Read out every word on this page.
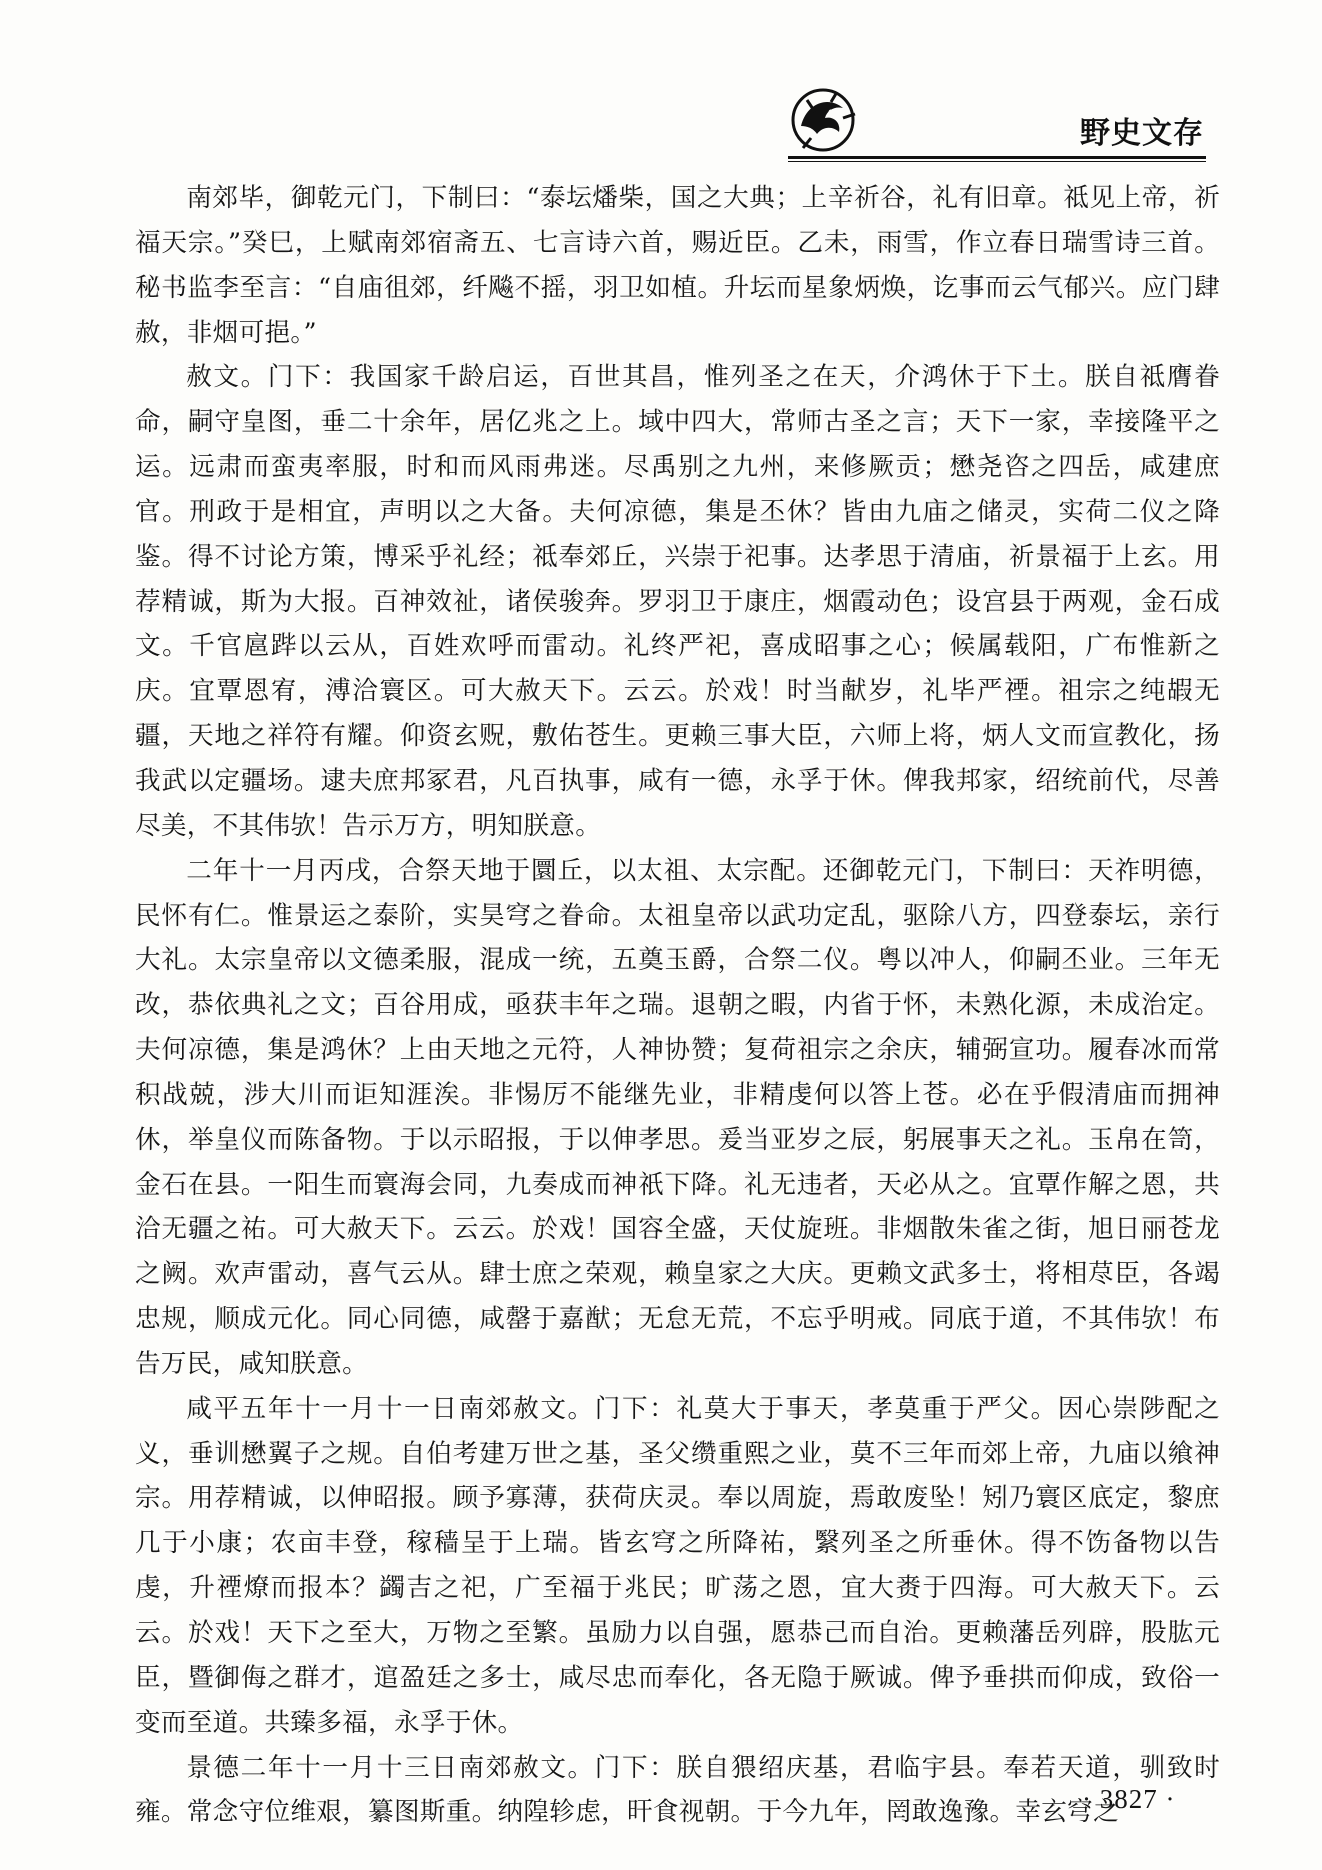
野史文存

南郊毕，御乾元门，下制曰：“泰坛燔柴，国之大典；上辛祈谷，礼有旧章。祗见上帝，祈福天宗。”癸巳，上赋南郊宿斋五、七言诗六首，赐近臣。乙未，雨雪，作立春日瑞雪诗三首。秘书监李至言：“自庙徂郊，纤飚不摇，羽卫如植。升坛而星象炳焕，讫事而云气郁兴。应门肆赦，非烟可挹。”

赦文。门下：我国家千龄启运，百世其昌，惟列圣之在天，介鸿休于下土。朕自祗膺眷命，嗣守皇图，垂二十余年，居亿兆之上。域中四大，常师古圣之言；天下一家，幸接隆平之运。远肃而蛮夷率服，时和而风雨弗迷。尽禹别之九州，来修厥贡；懋尧咨之四岳，咸建庶官。刑政于是相宜，声明以之大备。夫何凉德，集是丕休？皆由九庙之储灵，实荷二仪之降鉴。得不讨论方策，博采乎礼经；祗奉郊丘，兴崇于祀事。达孝思于清庙，祈景福于上玄。用荐精诚，斯为大报。百神效祉，诸侯骏奔。罗羽卫于康庄，烟霞动色；设宫县于两观，金石成文。千官扈跸以云从，百姓欢呼而雷动。礼终严祀，喜成昭事之心；候属载阳，广布惟新之庆。宜覃恩宥，溥洽寰区。可大赦天下。云云。於戏！时当献岁，礼毕严禋。祖宗之纯嘏无疆，天地之祥符有耀。仰资玄贶，敷佑苍生。更赖三事大臣，六师上将，炳人文而宣教化，扬我武以定疆场。逮夫庶邦冢君，凡百执事，咸有一德，永孚于休。俾我邦家，绍统前代，尽善尽美，不其伟欤！告示万方，明知朕意。

二年十一月丙戌，合祭天地于圜丘，以太祖、太宗配。还御乾元门，下制曰：天祚明德，民怀有仁。惟景运之泰阶，实昊穹之眷命。太祖皇帝以武功定乱，驱除八方，四登泰坛，亲行大礼。太宗皇帝以文德柔服，混成一统，五奠玉爵，合祭二仪。粤以冲人，仰嗣丕业。三年无改，恭依典礼之文；百谷用成，亟获丰年之瑞。退朝之暇，内省于怀，未熟化源，未成治定。夫何凉德，集是鸿休？上由天地之元符，人神协赞；复荷祖宗之余庆，辅弼宣功。履春冰而常积战兢，涉大川而讵知涯涘。非惕厉不能继先业，非精虔何以答上苍。必在乎假清庙而拥神休，举皇仪而陈备物。于以示昭报，于以伸孝思。爰当亚岁之辰，躬展事天之礼。玉帛在笥，金石在县。一阳生而寰海会同，九奏成而神祇下降。礼无违者，天必从之。宜覃作解之恩，共洽无疆之祐。可大赦天下。云云。於戏！国容全盛，天仗旋班。非烟散朱雀之街，旭日丽苍龙之阙。欢声雷动，喜气云从。肆士庶之荣观，赖皇家之大庆。更赖文武多士，将相荩臣，各竭忠规，顺成元化。同心同德，咸罄于嘉猷；无怠无荒，不忘乎明戒。同底于道，不其伟欤！布告万民，咸知朕意。

咸平五年十一月十一日南郊赦文。门下：礼莫大于事天，孝莫重于严父。因心崇陟配之义，垂训懋翼子之规。自伯考建万世之基，圣父缵重熙之业，莫不三年而郊上帝，九庙以飨神宗。用荐精诚，以伸昭报。顾予寡薄，获荷庆灵。奉以周旋，焉敢废坠！矧乃寰区底定，黎庶几于小康；农亩丰登，稼穑呈于上瑞。皆玄穹之所降祐，繄列圣之所垂休。得不饬备物以告虔，升禋燎而报本？蠲吉之祀，广至福于兆民；旷荡之恩，宜大赉于四海。可大赦天下。云云。於戏！天下之至大，万物之至繁。虽励力以自强，愿恭己而自治。更赖藩岳列辟，股肱元臣，暨御侮之群才，逭盈廷之多士，咸尽忠而奉化，各无隐于厥诚。俾予垂拱而仰成，致俗一变而至道。共臻多福，永孚于休。

景德二年十一月十三日南郊赦文。门下：朕自猥绍庆基，君临宇县。奉若天道，驯致时雍。常念守位维艰，纂图斯重。纳隍轸虑，旰食视朝。于今九年，罔敢逸豫。幸玄穹之

· 3827 ·
